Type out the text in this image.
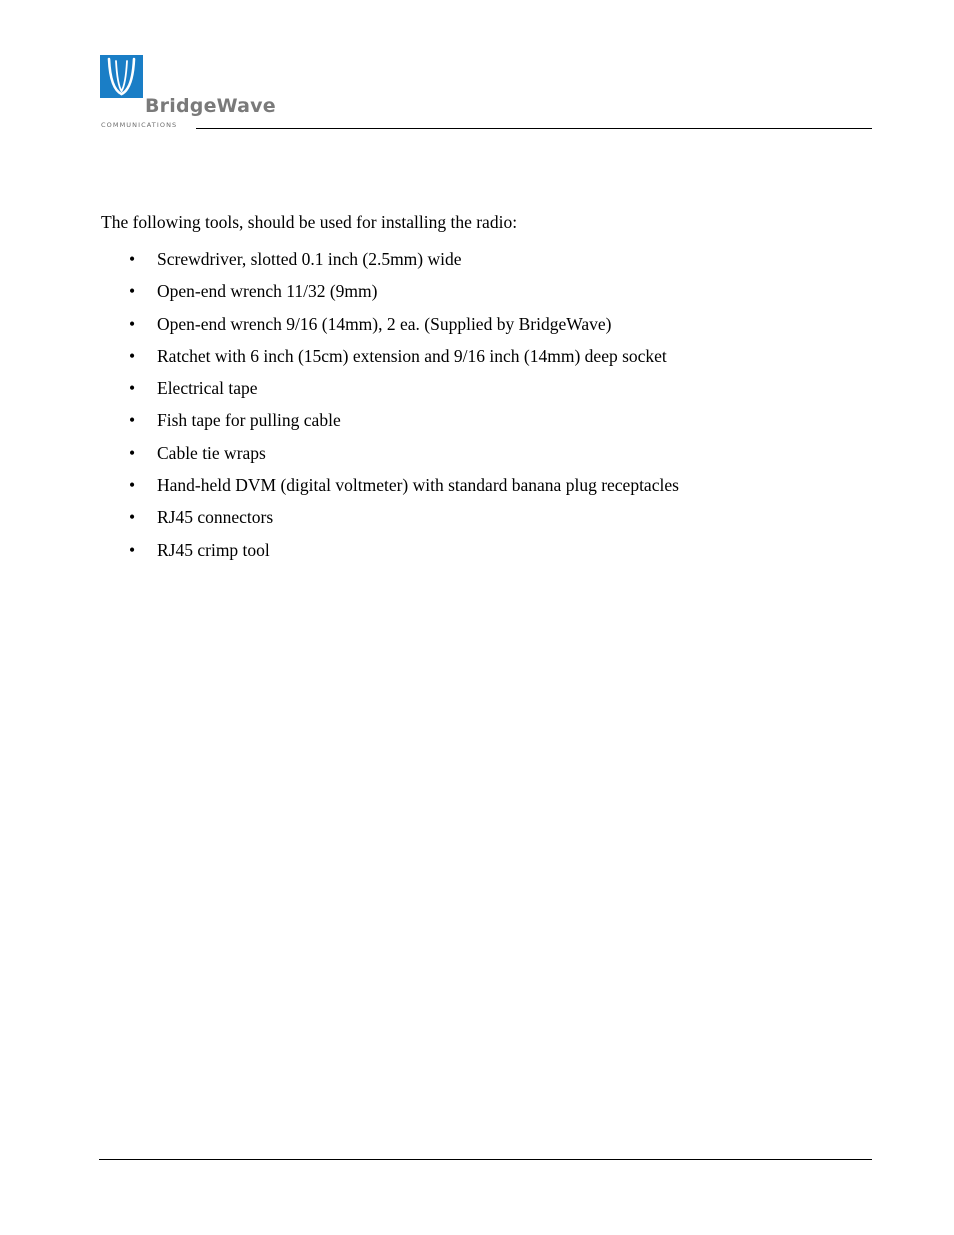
BridgeWave
COMMUNICATIONS

The following tools, should be used for installing the radio:

• Screwdriver, slotted 0.1 inch (2.5mm) wide
• Open-end wrench 11/32 (9mm)
• Open-end wrench 9/16 (14mm), 2 ea. (Supplied by BridgeWave)
• Ratchet with 6 inch (15cm) extension and 9/16 inch (14mm) deep socket
• Electrical tape
• Fish tape for pulling cable
• Cable tie wraps
• Hand-held DVM (digital voltmeter) with standard banana plug receptacles
• RJ45 connectors
• RJ45 crimp tool
